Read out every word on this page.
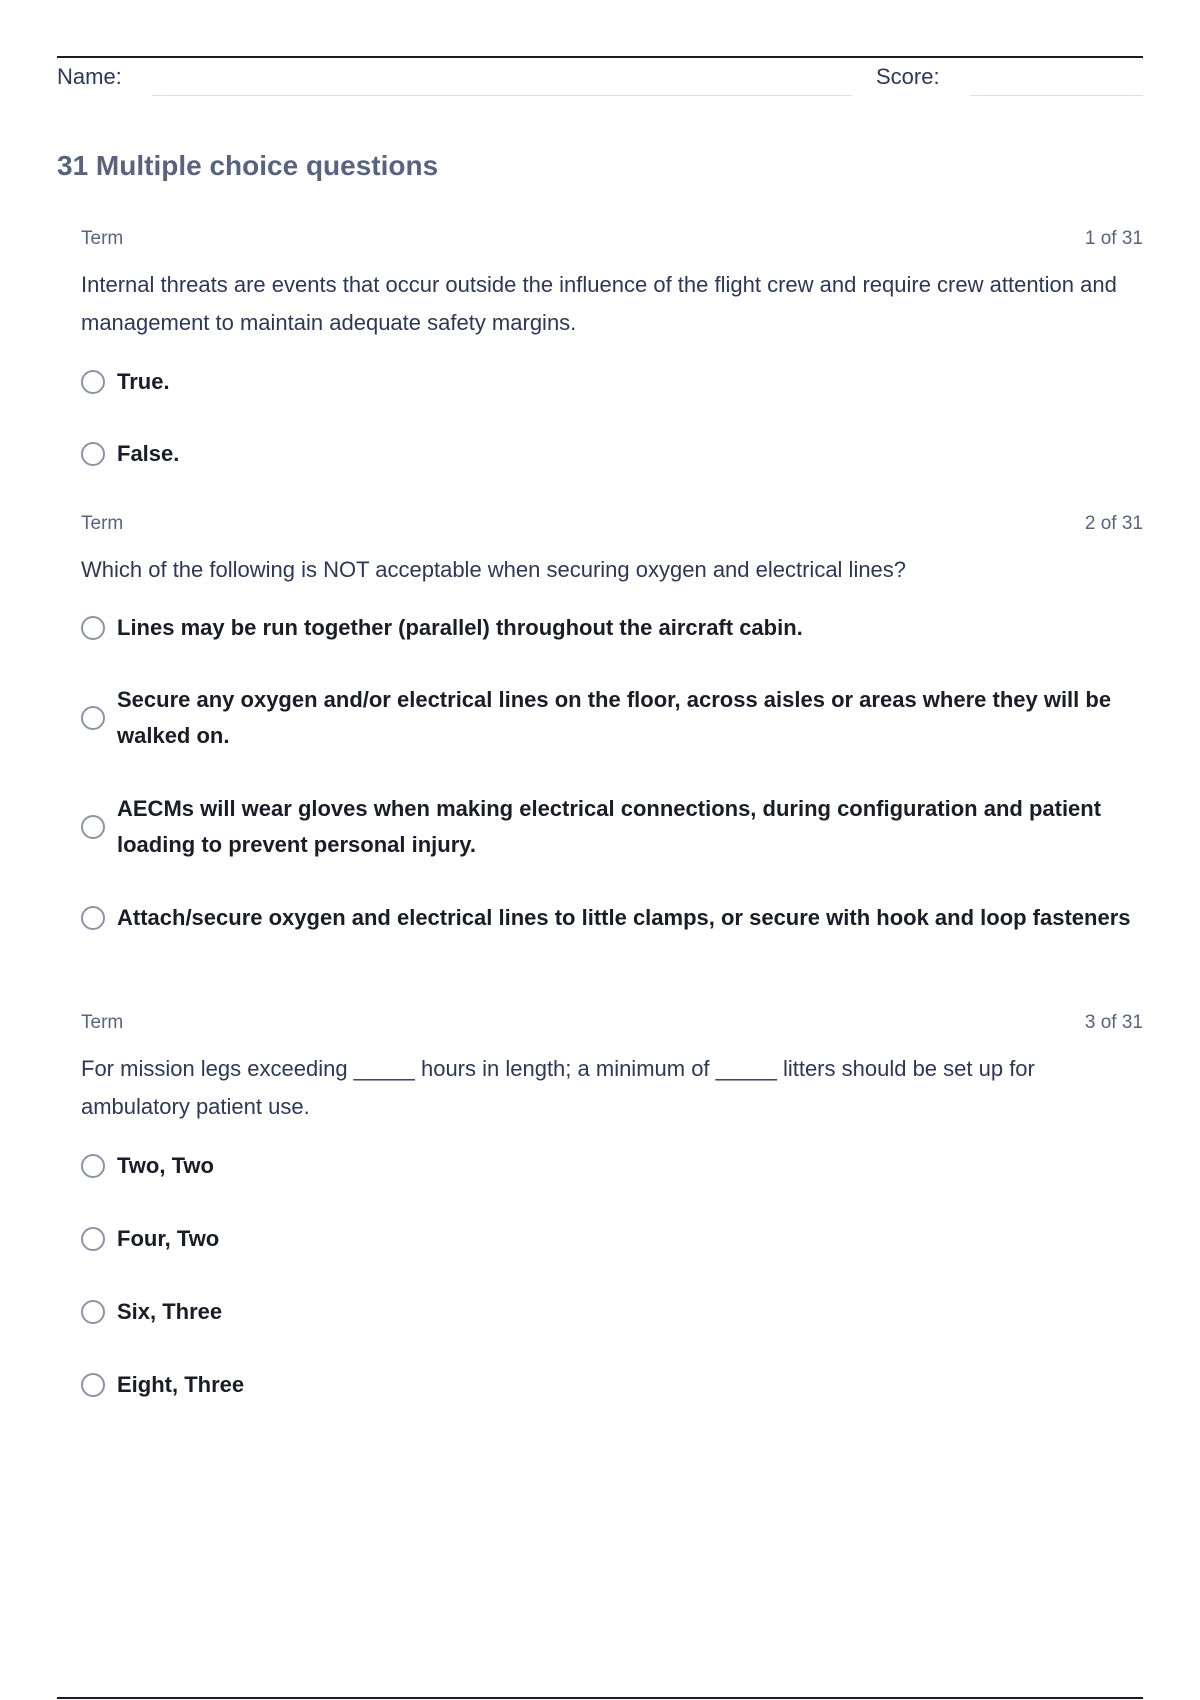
Name:	Score:
31 Multiple choice questions
Term	1 of 31

Internal threats are events that occur outside the influence of the flight crew and require crew attention and management to maintain adequate safety margins.

True.
False.
Term	2 of 31

Which of the following is NOT acceptable when securing oxygen and electrical lines?

Lines may be run together (parallel) throughout the aircraft cabin.
Secure any oxygen and/or electrical lines on the floor, across aisles or areas where they will be walked on.
AECMs will wear gloves when making electrical connections, during configuration and patient loading to prevent personal injury.
Attach/secure oxygen and electrical lines to little clamps, or secure with hook and loop fasteners
Term	3 of 31

For mission legs exceeding _____ hours in length; a minimum of _____ litters should be set up for ambulatory patient use.

Two, Two
Four, Two
Six, Three
Eight, Three
